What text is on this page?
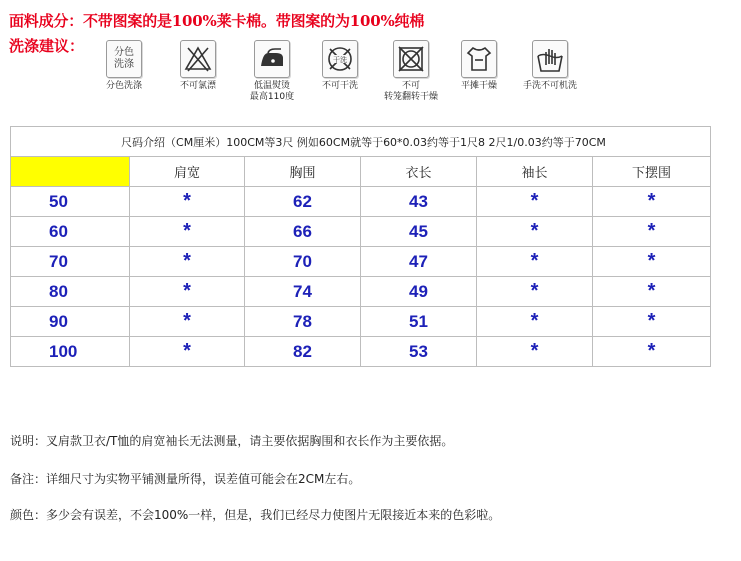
面料成分：不带图案的是100%莱卡棉。带图案的为100%纯棉
洗涤建议：	分色洗涤
分色洗涤	不可氯漂	低温熨烫
最高110度
干洗
不可干洗	不可
转笼翻转干燥
平摊干燥	手洗不可机洗
尺码介绍（CM厘米）100CM等3尺 例如60CM就等于60*0.03约等于1尺8 2尺1/0.03约等于70CM					
	肩宽	胸围	衣长	袖长	下摆围
50	*	62	43	*	*
60	*	66	45	*	*
70	*	70	47	*	*
80	*	74	49	*	*
90	*	78	51	*	*
100	*	82	53	*	*
说明：叉肩款卫衣/T恤的肩宽袖长无法测量，请主要依据胸围和衣长作为主要依据。
备注：详细尺寸为实物平铺测量所得，误差值可能会在2CM左右。
颜色：多少会有误差，不会100%一样，但是，我们已经尽力使图片无限接近本来的色彩啦。
